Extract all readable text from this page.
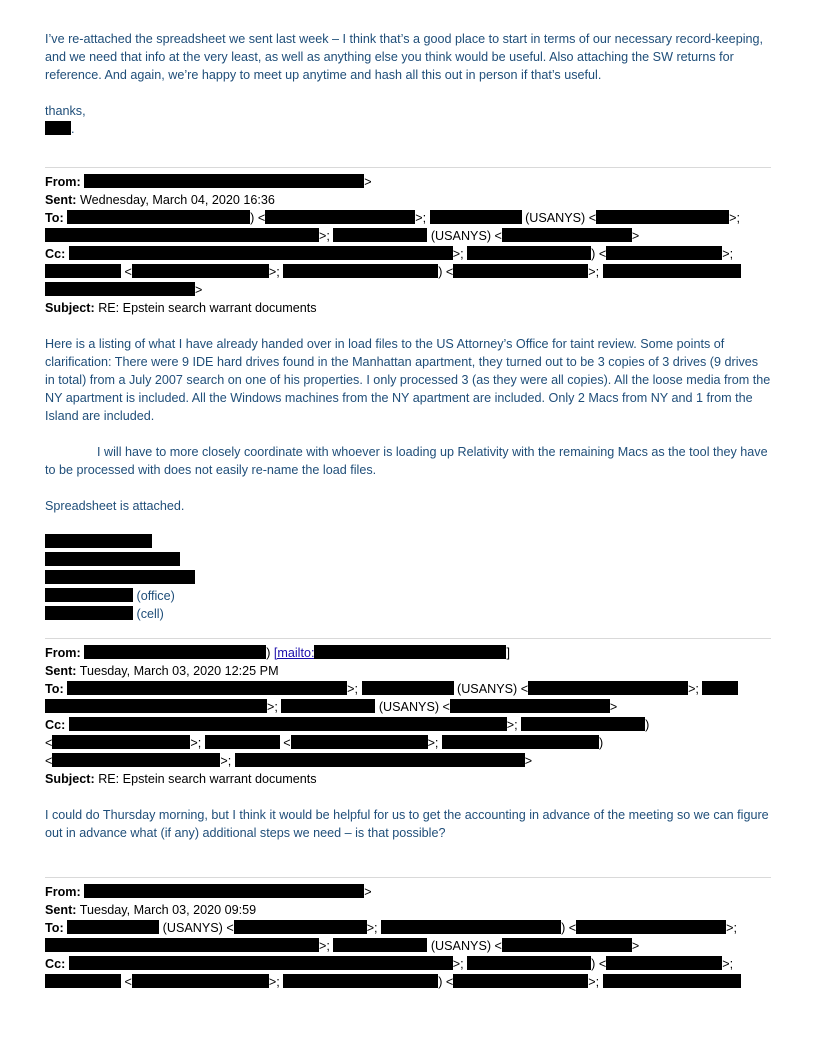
I’ve re-attached the spreadsheet we sent last week – I think that’s a good place to start in terms of our necessary record-keeping, and we need that info at the very least, as well as anything else you think would be useful. Also attaching the SW returns for reference. And again, we’re happy to meet up anytime and hash all this out in person if that’s useful.

thanks,
.
From:	>
Sent: Wednesday, March 04, 2020 16:36
To:	) <	>;	(USANYS) <	>;
>;	(USANYS) <	>
Cc:	>;	) <	>;
<	>;	) <	>;
>
Subject: RE: Epstein search warrant documents

Here is a listing of what I have already handed over in load files to the US Attorney’s Office for taint review. Some points of clarification: There were 9 IDE hard drives found in the Manhattan apartment, they turned out to be 3 copies of 3 drives (9 drives in total) from a July 2007 search on one of his properties. I only processed 3 (as they were all copies). All the loose media from the NY apartment is included. All the Windows machines from the NY apartment are included. Only 2 Macs from NY and 1 from the Island are included.

I will have to more closely coordinate with whoever is loading up Relativity with the remaining Macs as the tool they have to be processed with does not easily re-name the load files.

Spreadsheet is attached.

(office)
(cell)
From:	) [mailto:	]
Sent: Tuesday, March 03, 2020 12:25 PM
To:	>;	(USANYS) <	>;
>;	(USANYS) <	>
Cc:	>;	)
<	>;	<	>;	)
<	>;	>
Subject: RE: Epstein search warrant documents

I could do Thursday morning, but I think it would be helpful for us to get the accounting in advance of the meeting so we can figure out in advance what (if any) additional steps we need – is that possible?

From:	>
Sent: Tuesday, March 03, 2020 09:59
To:	(USANYS) <	>;	) <	>;
>;	(USANYS) <	>
Cc:	>;	) <	>;
<	>;	) <	>;
